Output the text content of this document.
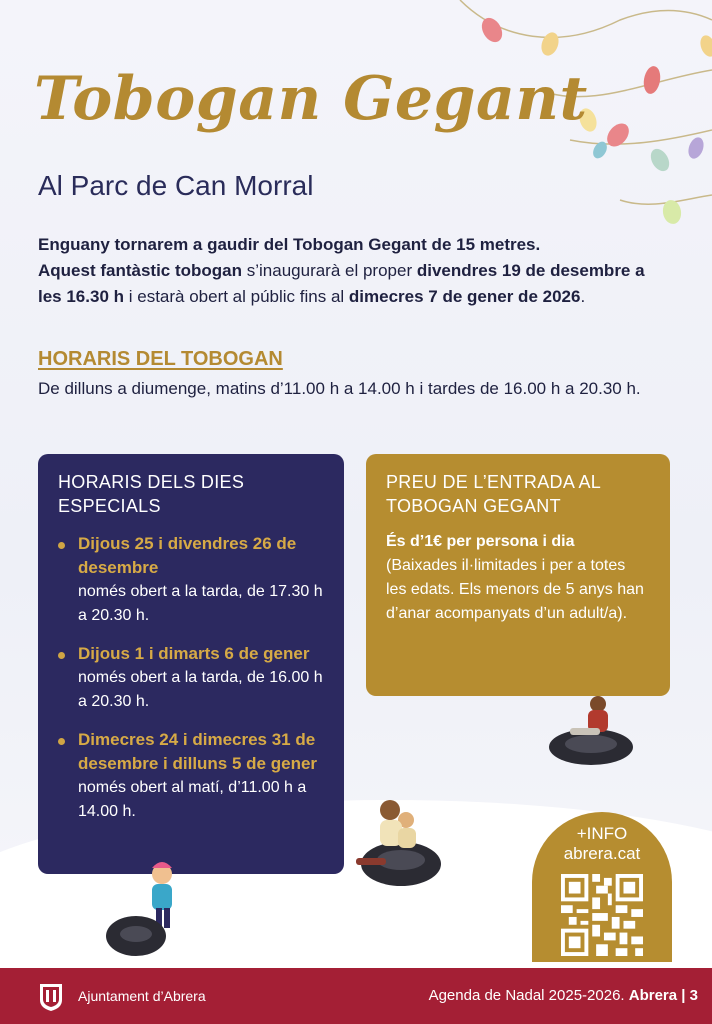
Tobogan Gegant
Al Parc de Can Morral

Enguany tornarem a gaudir del Tobogan Gegant de 15 metres.
Aquest fantàstic tobogan s’inaugurarà el proper divendres 19 de desembre a les 16.30 h i estarà obert al públic fins al dimecres 7 de gener de 2026.

HORARIS DEL TOBOGAN

De dilluns a diumenge, matins d’11.00 h a 14.00 h i tardes de 16.00 h a 20.30 h.

HORARIS DELS DIES ESPECIALS
Dijous 25 i divendres 26 de desembre
només obert a la tarda, de 17.30 h a 20.30 h.
Dijous 1 i dimarts 6 de gener
només obert a la tarda, de 16.00 h a 20.30 h.
Dimecres 24 i dimecres 31 de desembre i dilluns 5 de gener
només obert al matí, d’11.00 h a 14.00 h.
PREU DE L’ENTRADA AL TOBOGAN GEGANT

És d’1€ per persona i dia (Baixades il·limitades i per a totes les edats. Els menors de 5 anys han d’anar acompanyats d’un adult/a).

+INFO
abrera.cat
Ajuntament d’Abrera	Agenda de Nadal 2025-2026. Abrera | 3
